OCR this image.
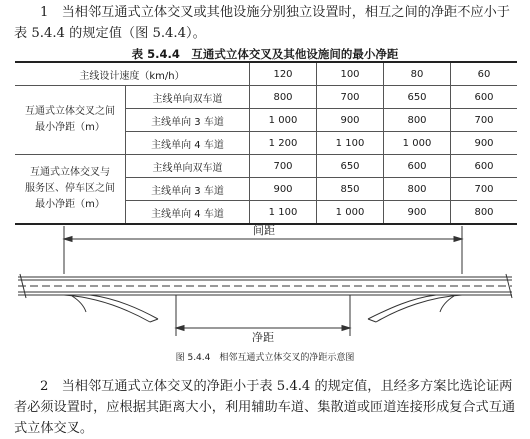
1　当相邻互通式立体交叉或其他设施分别独立设置时，相互之间的净距不应小于表 5.4.4 的规定值（图 5.4.4）。

表 5.4.4　互通式立体交叉及其他设施间的最小净距
主线设计速度（km/h）		120	100	80	60
互通式立体交叉之间
最小净距（m）	主线单向双车道	800	700	650	600
	主线单向 3 车道	1 000	900	800	700
	主线单向 4 车道	1 200	1 100	1 000	900
互通式立体交叉与
服务区、停车区之间
最小净距（m）	主线单向双车道	700	650	600	600
	主线单向 3 车道	900	850	800	700
	主线单向 4 车道	1 100	1 000	900	800
间距
净距
图 5.4.4　相邻互通式立体交叉的净距示意图

2　当相邻互通式立体交叉的净距小于表 5.4.4 的规定值，且经多方案比选论证两者必须设置时，应根据其距离大小，利用辅助车道、集散道或匝道连接形成复合式互通式立体交叉。
